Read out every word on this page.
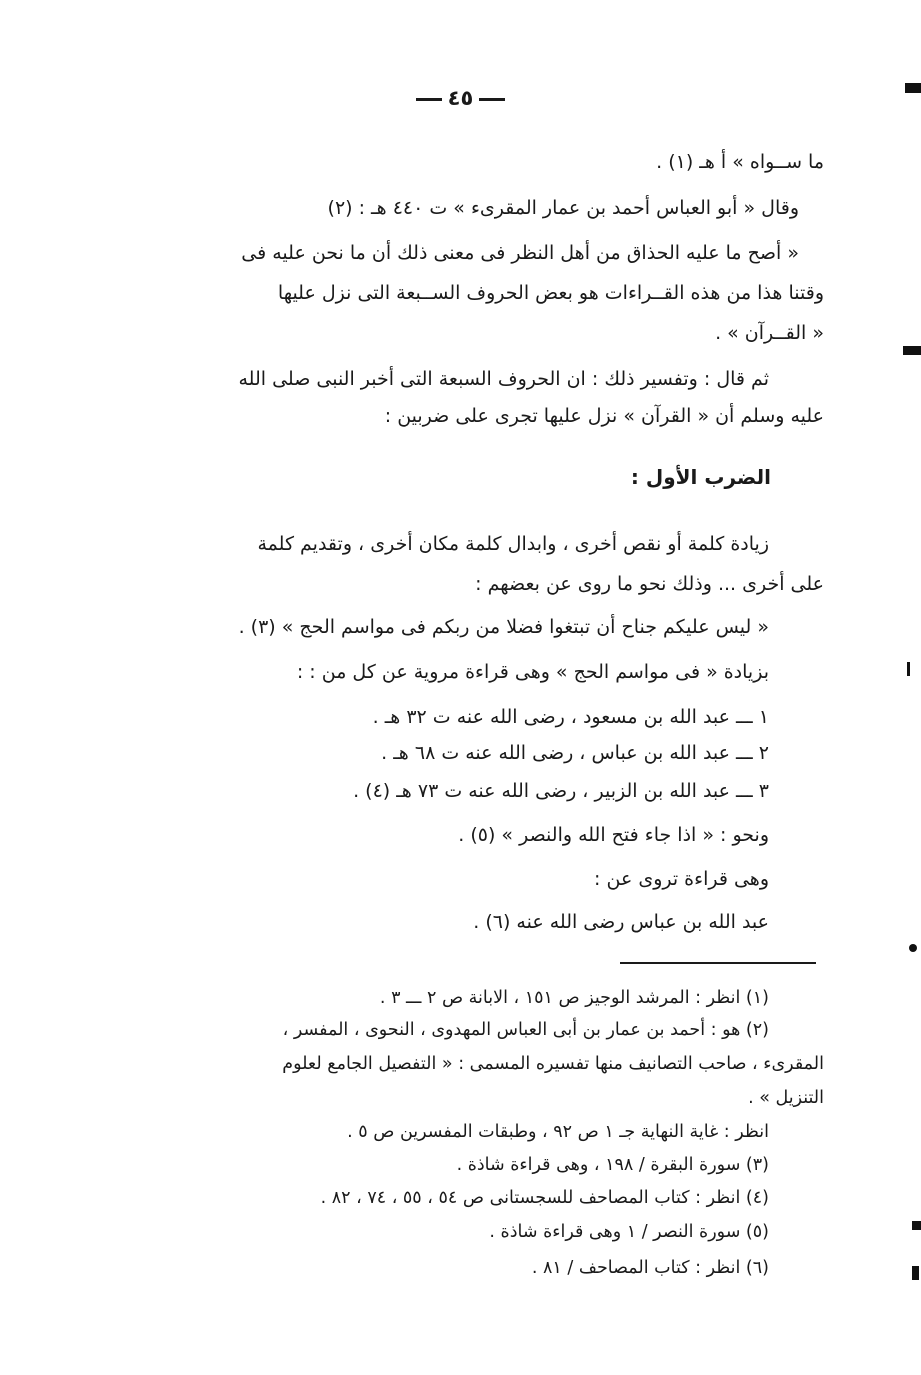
٤٥
ما ســواه » أ هـ (١) .
وقال « أبو العباس أحمد بن عمار المقرىء » ت ٤٤٠ هـ : (٢)
« أصح ما عليه الحذاق من أهل النظر فى معنى ذلك أن ما نحن عليه فى
وقتنا هذا من هذه القــراءات هو بعض الحروف الســبعة التى نزل عليها
« القــرآن » .
ثم قال : وتفسير ذلك : ان الحروف السبعة التى أخبر النبى صلى الله
عليه وسلم أن « القرآن » نزل عليها تجرى على ضربين :
الضرب الأول :
زيادة كلمة أو نقص أخرى ، وابدال كلمة مكان أخرى ، وتقديم كلمة
على أخرى ... وذلك نحو ما روى عن بعضهم :
« ليس عليكم جناح أن تبتغوا فضلا من ربكم فى مواسم الحج » (٣) .
بزيادة « فى مواسم الحج » وهى قراءة مروية عن كل من : :
١ ـــ عبد الله بن مسعود ، رضى الله عنه ت ٣٢ هـ .
٢ ـــ عبد الله بن عباس ، رضى الله عنه ت ٦٨ هـ .
٣ ـــ عبد الله بن الزبير ، رضى الله عنه ت ٧٣ هـ (٤) .
ونحو : « اذا جاء فتح الله والنصر » (٥) .
وهى قراءة تروى عن :
عبد الله بن عباس رضى الله عنه (٦) .
(١) انظر : المرشد الوجيز ص ١٥١ ، الابانة ص ٢ ـــ ٣ .
(٢) هو : أحمد بن عمار بن أبى العباس المهدوى ، النحوى ، المفسر ،
المقرىء ، صاحب التصانيف منها تفسيره المسمى : « التفصيل الجامع لعلوم
التنزيل » .
انظر : غاية النهاية جـ ١ ص ٩٢ ، وطبقات المفسرين ص ٥ .
(٣) سورة البقرة / ١٩٨ ، وهى قراءة شاذة .
(٤) انظر : كتاب المصاحف للسجستانى ص ٥٤ ، ٥٥ ، ٧٤ ، ٨٢ .
(٥) سورة النصر / ١ وهى قراءة شاذة .
(٦) انظر : كتاب المصاحف / ٨١ .
